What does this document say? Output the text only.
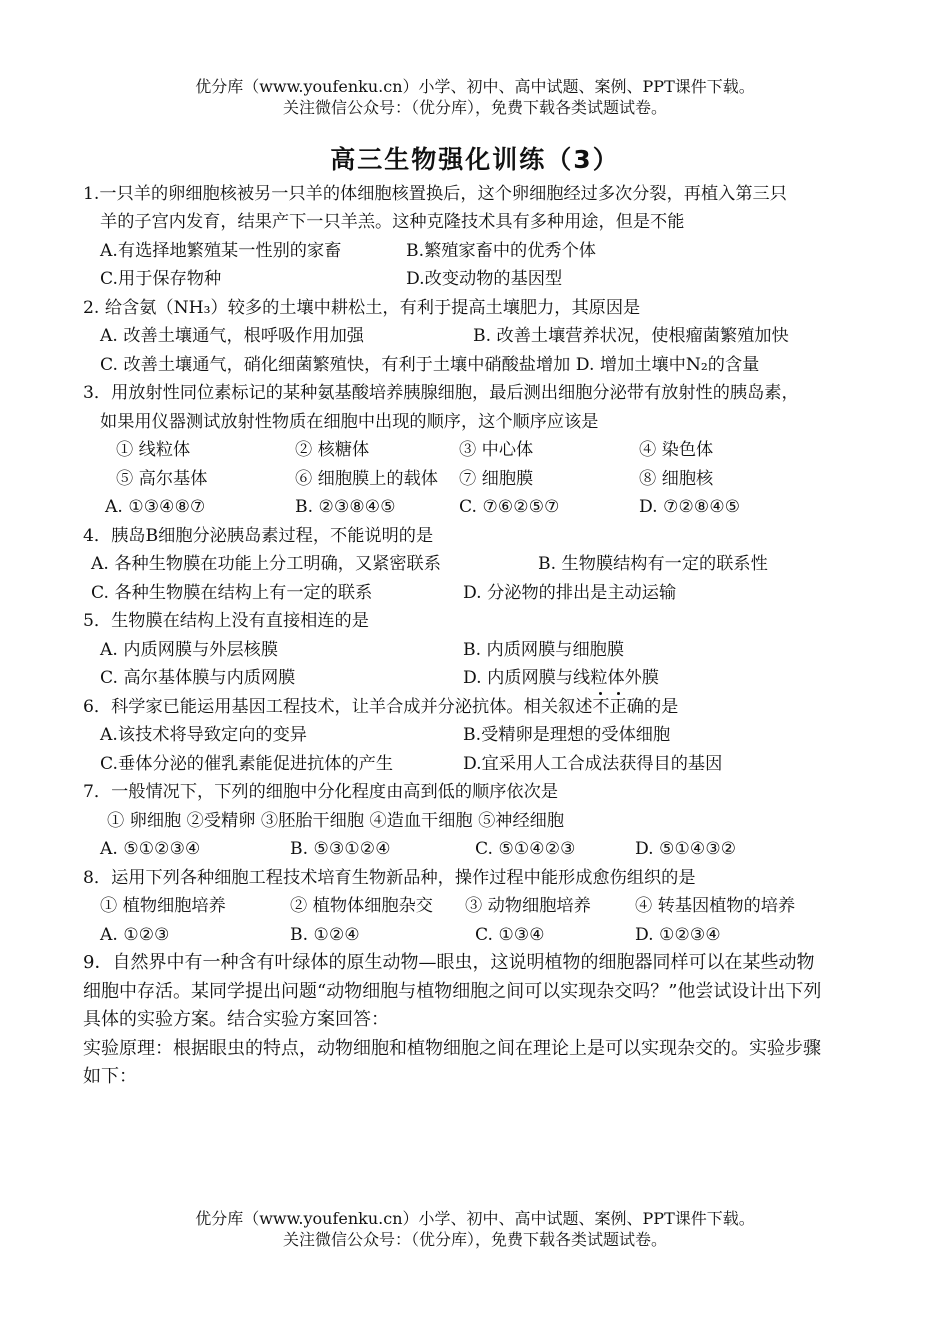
优分库（www.youfenku.cn）小学、初中、高中试题、案例、PPT课件下载。
关注微信公众号：（优分库），免费下载各类试题试卷。
高三生物强化训练（3）
1.一只羊的卵细胞核被另一只羊的体细胞核置换后，这个卵细胞经过多次分裂，再植入第三只
羊的子宫内发育，结果产下一只羊羔。这种克隆技术具有多种用途，但是不能
A.有选择地繁殖某一性别的家畜	B.繁殖家畜中的优秀个体
C.用于保存物种	D.改变动物的基因型
2. 给含氨（NH₃）较多的土壤中耕松土，有利于提高土壤肥力，其原因是
A. 改善土壤通气，根呼吸作用加强	B. 改善土壤营养状况，使根瘤菌繁殖加快
C. 改善土壤通气，硝化细菌繁殖快，有利于土壤中硝酸盐增加 D. 增加土壤中N₂的含量
3．用放射性同位素标记的某种氨基酸培养胰腺细胞，最后测出细胞分泌带有放射性的胰岛素，
如果用仪器测试放射性物质在细胞中出现的顺序，这个顺序应该是
① 线粒体	② 核糖体	③ 中心体	④ 染色体
⑤ 高尔基体	⑥ 细胞膜上的载体 ⑦ 细胞膜	⑧ 细胞核
A. ①③④⑧⑦	B. ②③⑧④⑤	C. ⑦⑥②⑤⑦	D. ⑦②⑧④⑤
4．胰岛B细胞分泌胰岛素过程，不能说明的是
A. 各种生物膜在功能上分工明确，又紧密联系	B. 生物膜结构有一定的联系性
C. 各种生物膜在结构上有一定的联系	D. 分泌物的排出是主动运输
5．生物膜在结构上没有直接相连的是
A. 内质网膜与外层核膜	B. 内质网膜与细胞膜
C. 高尔基体膜与内质网膜	D. 内质网膜与线粒体外膜
6．科学家已能运用基因工程技术，让羊合成并分泌抗体。相关叙述不正确的是
A.该技术将导致定向的变异	B.受精卵是理想的受体细胞
C.垂体分泌的催乳素能促进抗体的产生	D.宜采用人工合成法获得目的基因
7．一般情况下，下列的细胞中分化程度由高到低的顺序依次是
① 卵细胞 ②受精卵 ③胚胎干细胞 ④造血干细胞 ⑤神经细胞
A. ⑤①②③④	B. ⑤③①②④	C. ⑤①④②③	D. ⑤①④③②
8．运用下列各种细胞工程技术培育生物新品种，操作过程中能形成愈伤组织的是
① 植物细胞培养	② 植物体细胞杂交 ③ 动物细胞培养	④ 转基因植物的培养
A. ①②③	B. ①②④	C. ①③④	D. ①②③④
9．自然界中有一种含有叶绿体的原生动物—眼虫，这说明植物的细胞器同样可以在某些动物
细胞中存活。某同学提出问题“动物细胞与植物细胞之间可以实现杂交吗？”他尝试设计出下列
具体的实验方案。结合实验方案回答：
实验原理：根据眼虫的特点，动物细胞和植物细胞之间在理论上是可以实现杂交的。实验步骤
如下：
优分库（www.youfenku.cn）小学、初中、高中试题、案例、PPT课件下载。
关注微信公众号：（优分库），免费下载各类试题试卷。
